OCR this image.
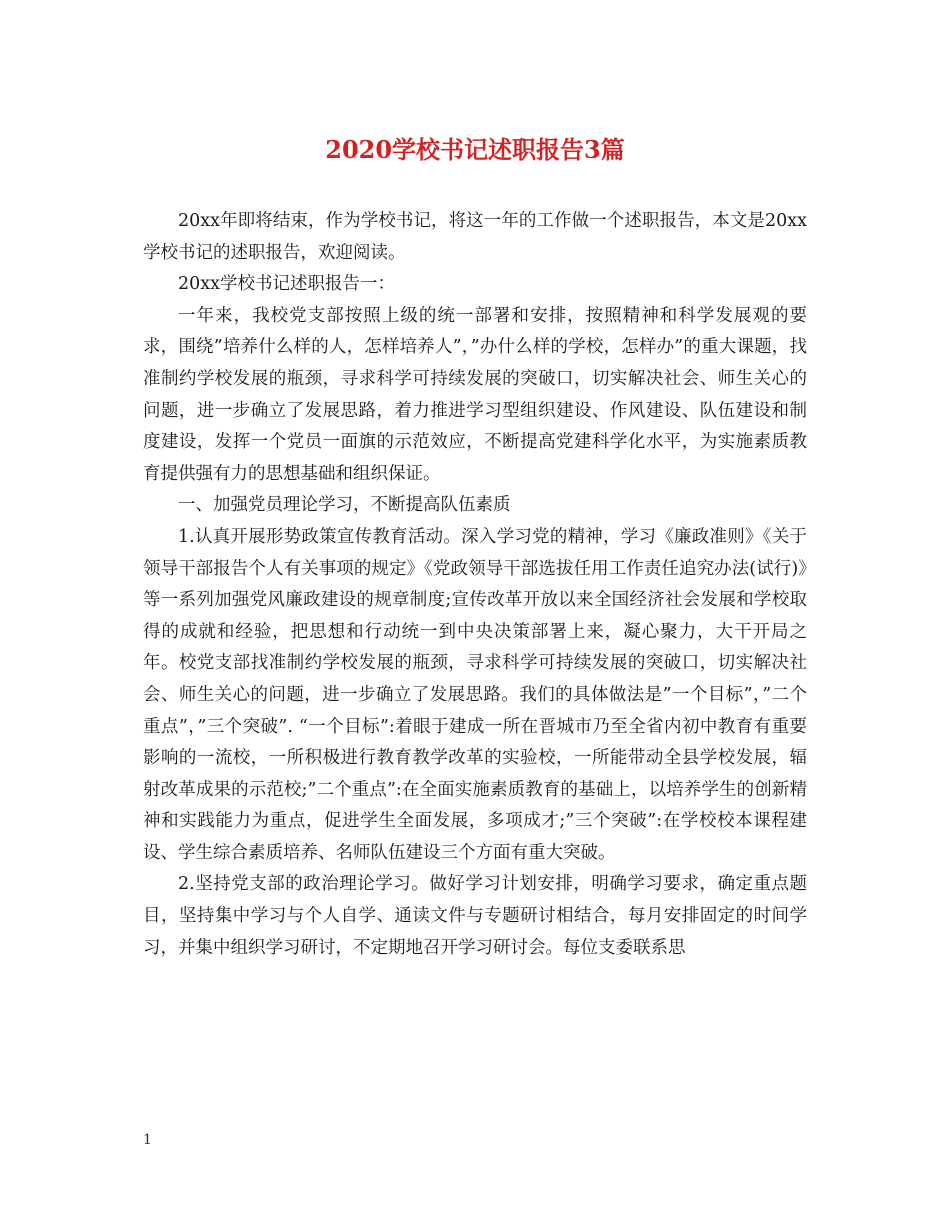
2020学校书记述职报告3篇

20xx年即将结束，作为学校书记，将这一年的工作做一个述职报告，本文是20xx学校书记的述职报告，欢迎阅读。

20xx学校书记述职报告一：

一年来，我校党支部按照上级的统一部署和安排，按照精神和科学发展观的要求，围绕”培养什么样的人，怎样培养人”，”办什么样的学校，怎样办”的重大课题，找准制约学校发展的瓶颈，寻求科学可持续发展的突破口，切实解决社会、师生关心的问题，进一步确立了发展思路，着力推进学习型组织建设、作风建设、队伍建设和制度建设，发挥一个党员一面旗的示范效应，不断提高党建科学化水平，为实施素质教育提供强有力的思想基础和组织保证。

一、加强党员理论学习，不断提高队伍素质

1.认真开展形势政策宣传教育活动。深入学习党的精神，学习《廉政准则》《关于领导干部报告个人有关事项的规定》《党政领导干部选拔任用工作责任追究办法(试行)》等一系列加强党风廉政建设的规章制度;宣传改革开放以来全国经济社会发展和学校取得的成就和经验，把思想和行动统一到中央决策部署上来，凝心聚力，大干开局之年。校党支部找准制约学校发展的瓶颈，寻求科学可持续发展的突破口，切实解决社会、师生关心的问题，进一步确立了发展思路。我们的具体做法是”一个目标”，”二个重点”，”三个突破”. “一个目标”:着眼于建成一所在晋城市乃至全省内初中教育有重要影响的一流校，一所积极进行教育教学改革的实验校，一所能带动全县学校发展，辐射改革成果的示范校;”二个重点”:在全面实施素质教育的基础上，以培养学生的创新精神和实践能力为重点，促进学生全面发展，多项成才;”三个突破”:在学校校本课程建设、学生综合素质培养、名师队伍建设三个方面有重大突破。

2.坚持党支部的政治理论学习。做好学习计划安排，明确学习要求，确定重点题目，坚持集中学习与个人自学、通读文件与专题研讨相结合，每月安排固定的时间学习，并集中组织学习研讨，不定期地召开学习研讨会。每位支委联系思

1
